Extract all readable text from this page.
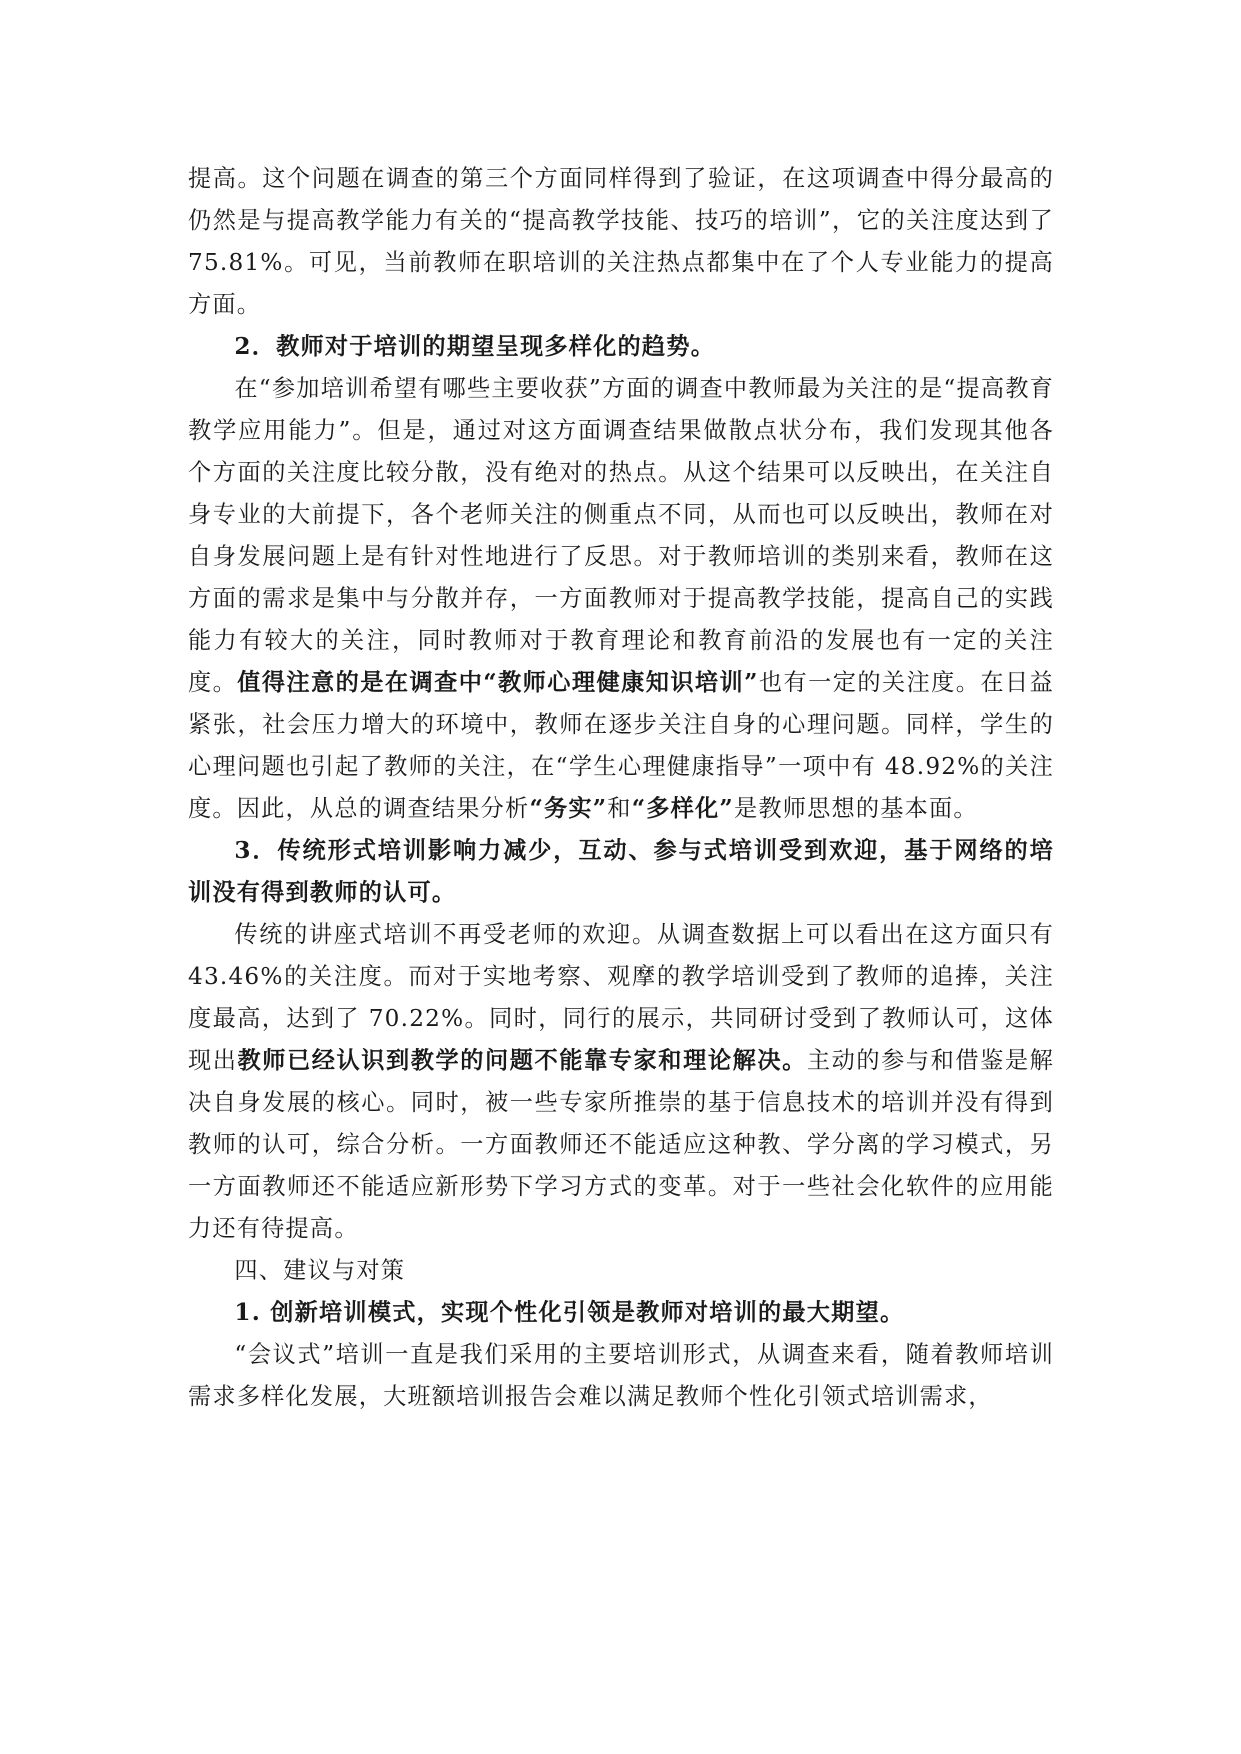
提高。这个问题在调查的第三个方面同样得到了验证，在这项调查中得分最高的仍然是与提高教学能力有关的“提高教学技能、技巧的培训”，它的关注度达到了 75.81%。可见，当前教师在职培训的关注热点都集中在了个人专业能力的提高方面。

2．教师对于培训的期望呈现多样化的趋势。

在“参加培训希望有哪些主要收获”方面的调查中教师最为关注的是“提高教育教学应用能力”。但是，通过对这方面调查结果做散点状分布，我们发现其他各个方面的关注度比较分散，没有绝对的热点。从这个结果可以反映出，在关注自身专业的大前提下，各个老师关注的侧重点不同，从而也可以反映出，教师在对自身发展问题上是有针对性地进行了反思。对于教师培训的类别来看，教师在这方面的需求是集中与分散并存，一方面教师对于提高教学技能，提高自己的实践能力有较大的关注，同时教师对于教育理论和教育前沿的发展也有一定的关注度。值得注意的是在调查中“教师心理健康知识培训”也有一定的关注度。在日益紧张，社会压力增大的环境中，教师在逐步关注自身的心理问题。同样，学生的心理问题也引起了教师的关注，在“学生心理健康指导”一项中有 48.92%的关注度。因此，从总的调查结果分析“务实”和“多样化”是教师思想的基本面。

3．传统形式培训影响力减少，互动、参与式培训受到欢迎，基于网络的培训没有得到教师的认可。

传统的讲座式培训不再受老师的欢迎。从调查数据上可以看出在这方面只有 43.46%的关注度。而对于实地考察、观摩的教学培训受到了教师的追捧，关注度最高，达到了 70.22%。同时，同行的展示，共同研讨受到了教师认可，这体现出教师已经认识到教学的问题不能靠专家和理论解决。主动的参与和借鉴是解决自身发展的核心。同时，被一些专家所推崇的基于信息技术的培训并没有得到教师的认可，综合分析。一方面教师还不能适应这种教、学分离的学习模式，另一方面教师还不能适应新形势下学习方式的变革。对于一些社会化软件的应用能力还有待提高。

四、建议与对策

1. 创新培训模式，实现个性化引领是教师对培训的最大期望。

“会议式”培训一直是我们采用的主要培训形式，从调查来看，随着教师培训需求多样化发展，大班额培训报告会难以满足教师个性化引领式培训需求，
